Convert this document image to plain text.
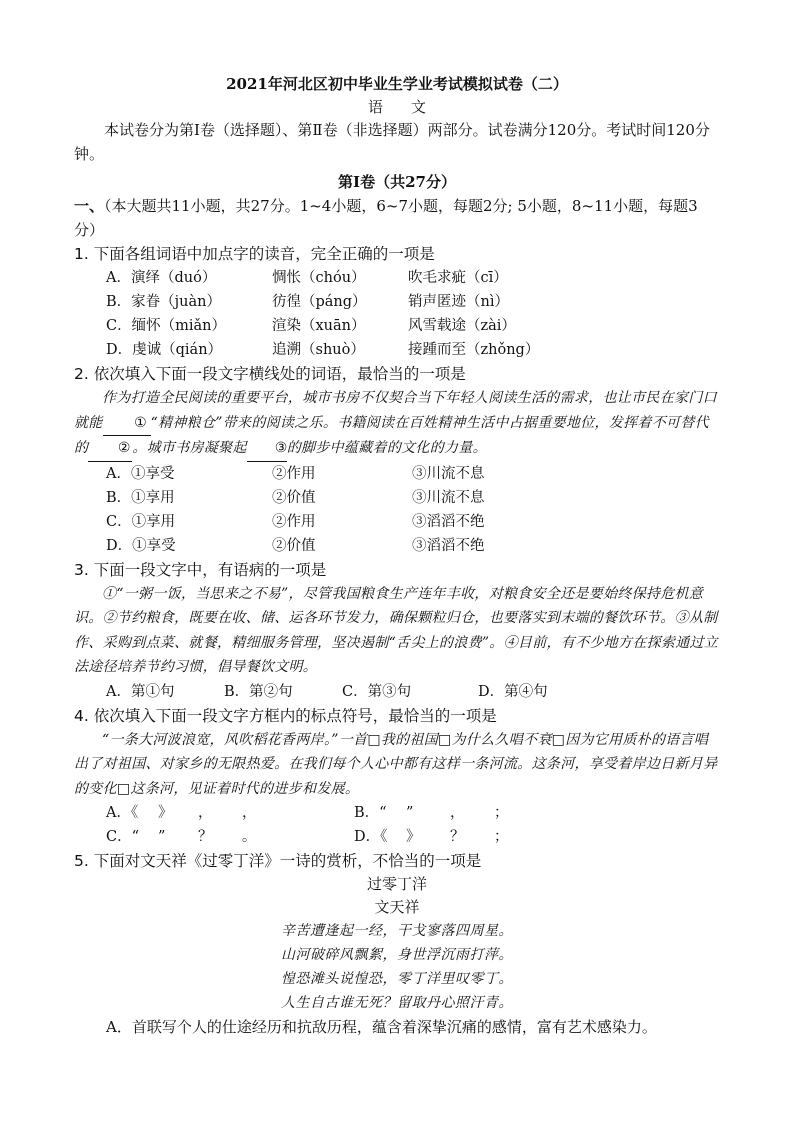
2021年河北区初中毕业生学业考试模拟试卷（二）
语文

本试卷分为第Ⅰ卷（选择题）、第Ⅱ卷（非选择题）两部分。试卷满分120分。考试时间120分钟。

第Ⅰ卷（共27分）
一、（本大题共11小题，共27分。1~4小题，6~7小题，每题2分; 5小题，8~11小题，每题3分）
1. 下面各组词语中加点字的读音，完全正确的一项是
A．演绎（duó）	惆怅（chóu）	吹毛求疵（cī）
B．家眷（juàn）	彷徨（páng）	销声匿迹（nì）
C．缅怀（miǎn）	渲染（xuān）	风雪载途（zài）
D．虔诚（qián）	追溯（shuò）	接踵而至（zhǒng）
2. 依次填入下面一段文字横线处的词语，最恰当的一项是

作为打造全民阅读的重要平台，城市书房不仅契合当下年轻人阅读生活的需求，也让市民在家门口就能 ① “精神粮仓”带来的阅读之乐。书籍阅读在百姓精神生活中占据重要地位，发挥着不可替代的 ② 。城市书房凝聚起 ③的脚步中蕴藏着的文化的力量。

A．①享受	②作用	③川流不息
B．①享用	②价值	③川流不息
C．①享用	②作用	③滔滔不绝
D．①享受	②价值	③滔滔不绝
3. 下面一段文字中，有语病的一项是

①“一粥一饭，当思来之不易”，尽管我国粮食生产连年丰收，对粮食安全还是要始终保持危机意识。②节约粮食，既要在收、储、运各环节发力，确保颗粒归仓，也要落实到末端的餐饮环节。③从制作、采购到点菜、就餐，精细服务管理，坚决遏制“舌尖上的浪费”。④目前，有不少地方在探索通过立法途径培养节约习惯，倡导餐饮文明。

A．第①句	B．第②句	C．第③句	D．第④句
4. 依次填入下面一段文字方框内的标点符号，最恰当的一项是

“一条大河波浪宽，风吹稻花香两岸。”一首□我的祖国□为什么久唱不衰□因为它用质朴的语言唱出了对祖国、对家乡的无限热爱。在我们每个人心中都有这样一条河流。这条河，享受着岸边日新月异的变化□这条河，见证着时代的进步和发展。

A．《	》	，	，	B．“	”	，	；
C．“	”	？	。	D．《	》	？	；
5. 下面对文天祥《过零丁洋》一诗的赏析，不恰当的一项是
过零丁洋
文天祥
辛苦遭逢起一经，干戈寥落四周星。
山河破碎风飘絮，身世浮沉雨打萍。
惶恐滩头说惶恐，零丁洋里叹零丁。
人生自古谁无死？留取丹心照汗青。
A．首联写个人的仕途经历和抗敌历程，蕴含着深挚沉痛的感情，富有艺术感染力。
